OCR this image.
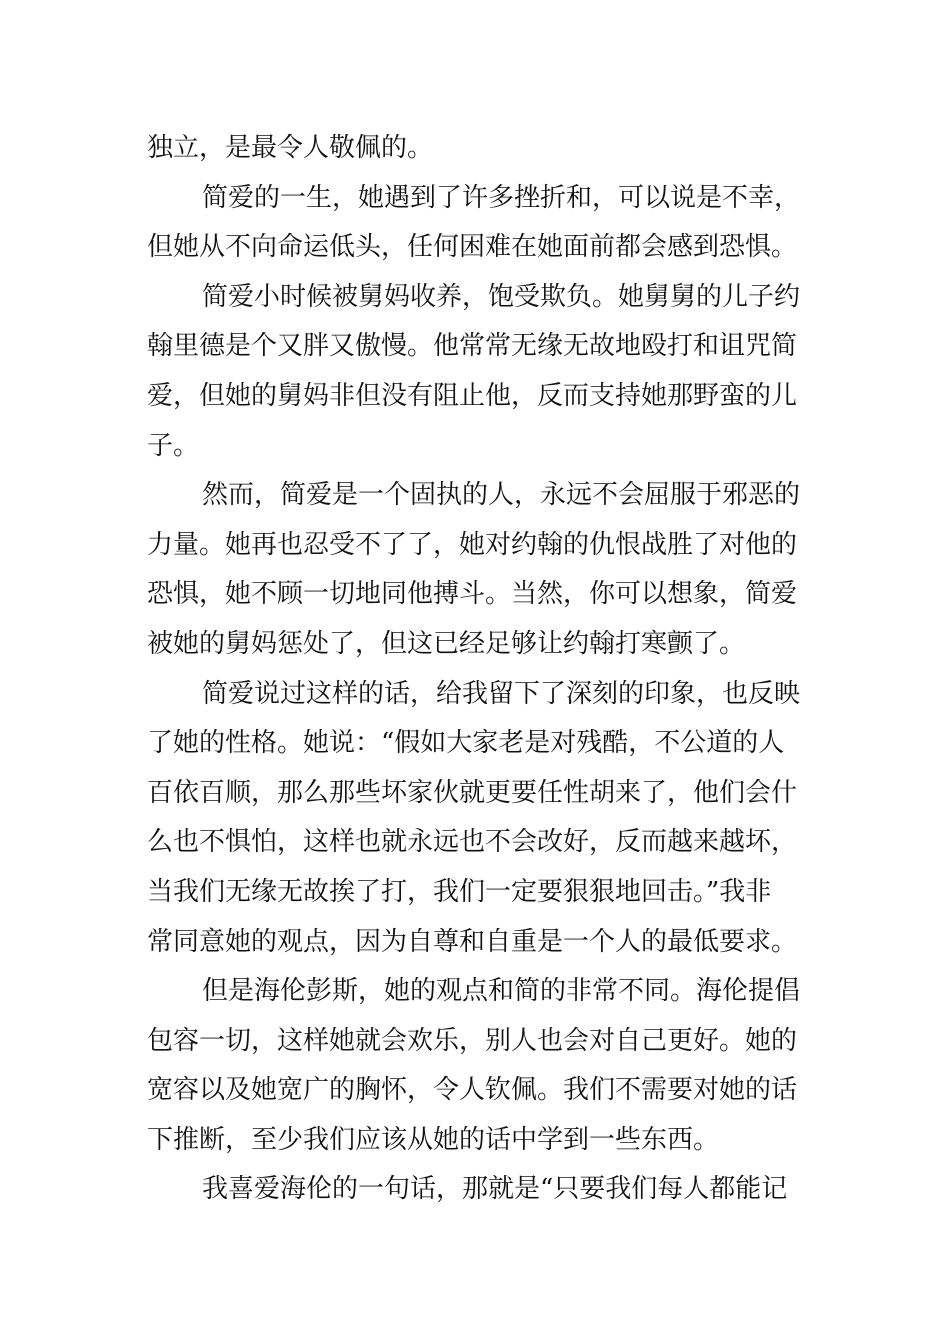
独立，是最令人敬佩的。
简爱的一生，她遇到了许多挫折和，可以说是不幸，
但她从不向命运低头，任何困难在她面前都会感到恐惧。
简爱小时候被舅妈收养，饱受欺负。她舅舅的儿子约
翰里德是个又胖又傲慢。他常常无缘无故地殴打和诅咒简
爱，但她的舅妈非但没有阻止他，反而支持她那野蛮的儿
子。
然而，简爱是一个固执的人，永远不会屈服于邪恶的
力量。她再也忍受不了了，她对约翰的仇恨战胜了对他的
恐惧，她不顾一切地同他搏斗。当然，你可以想象，简爱
被她的舅妈惩处了，但这已经足够让约翰打寒颤了。
简爱说过这样的话，给我留下了深刻的印象，也反映
了她的性格。她说：“假如大家老是对残酷，不公道的人
百依百顺，那么那些坏家伙就更要任性胡来了，他们会什
么也不惧怕，这样也就永远也不会改好，反而越来越坏，
当我们无缘无故挨了打，我们一定要狠狠地回击。”我非
常同意她的观点，因为自尊和自重是一个人的最低要求。
但是海伦彭斯，她的观点和简的非常不同。海伦提倡
包容一切，这样她就会欢乐，别人也会对自己更好。她的
宽容以及她宽广的胸怀，令人钦佩。我们不需要对她的话
下推断，至少我们应该从她的话中学到一些东西。
我喜爱海伦的一句话，那就是“只要我们每人都能记
